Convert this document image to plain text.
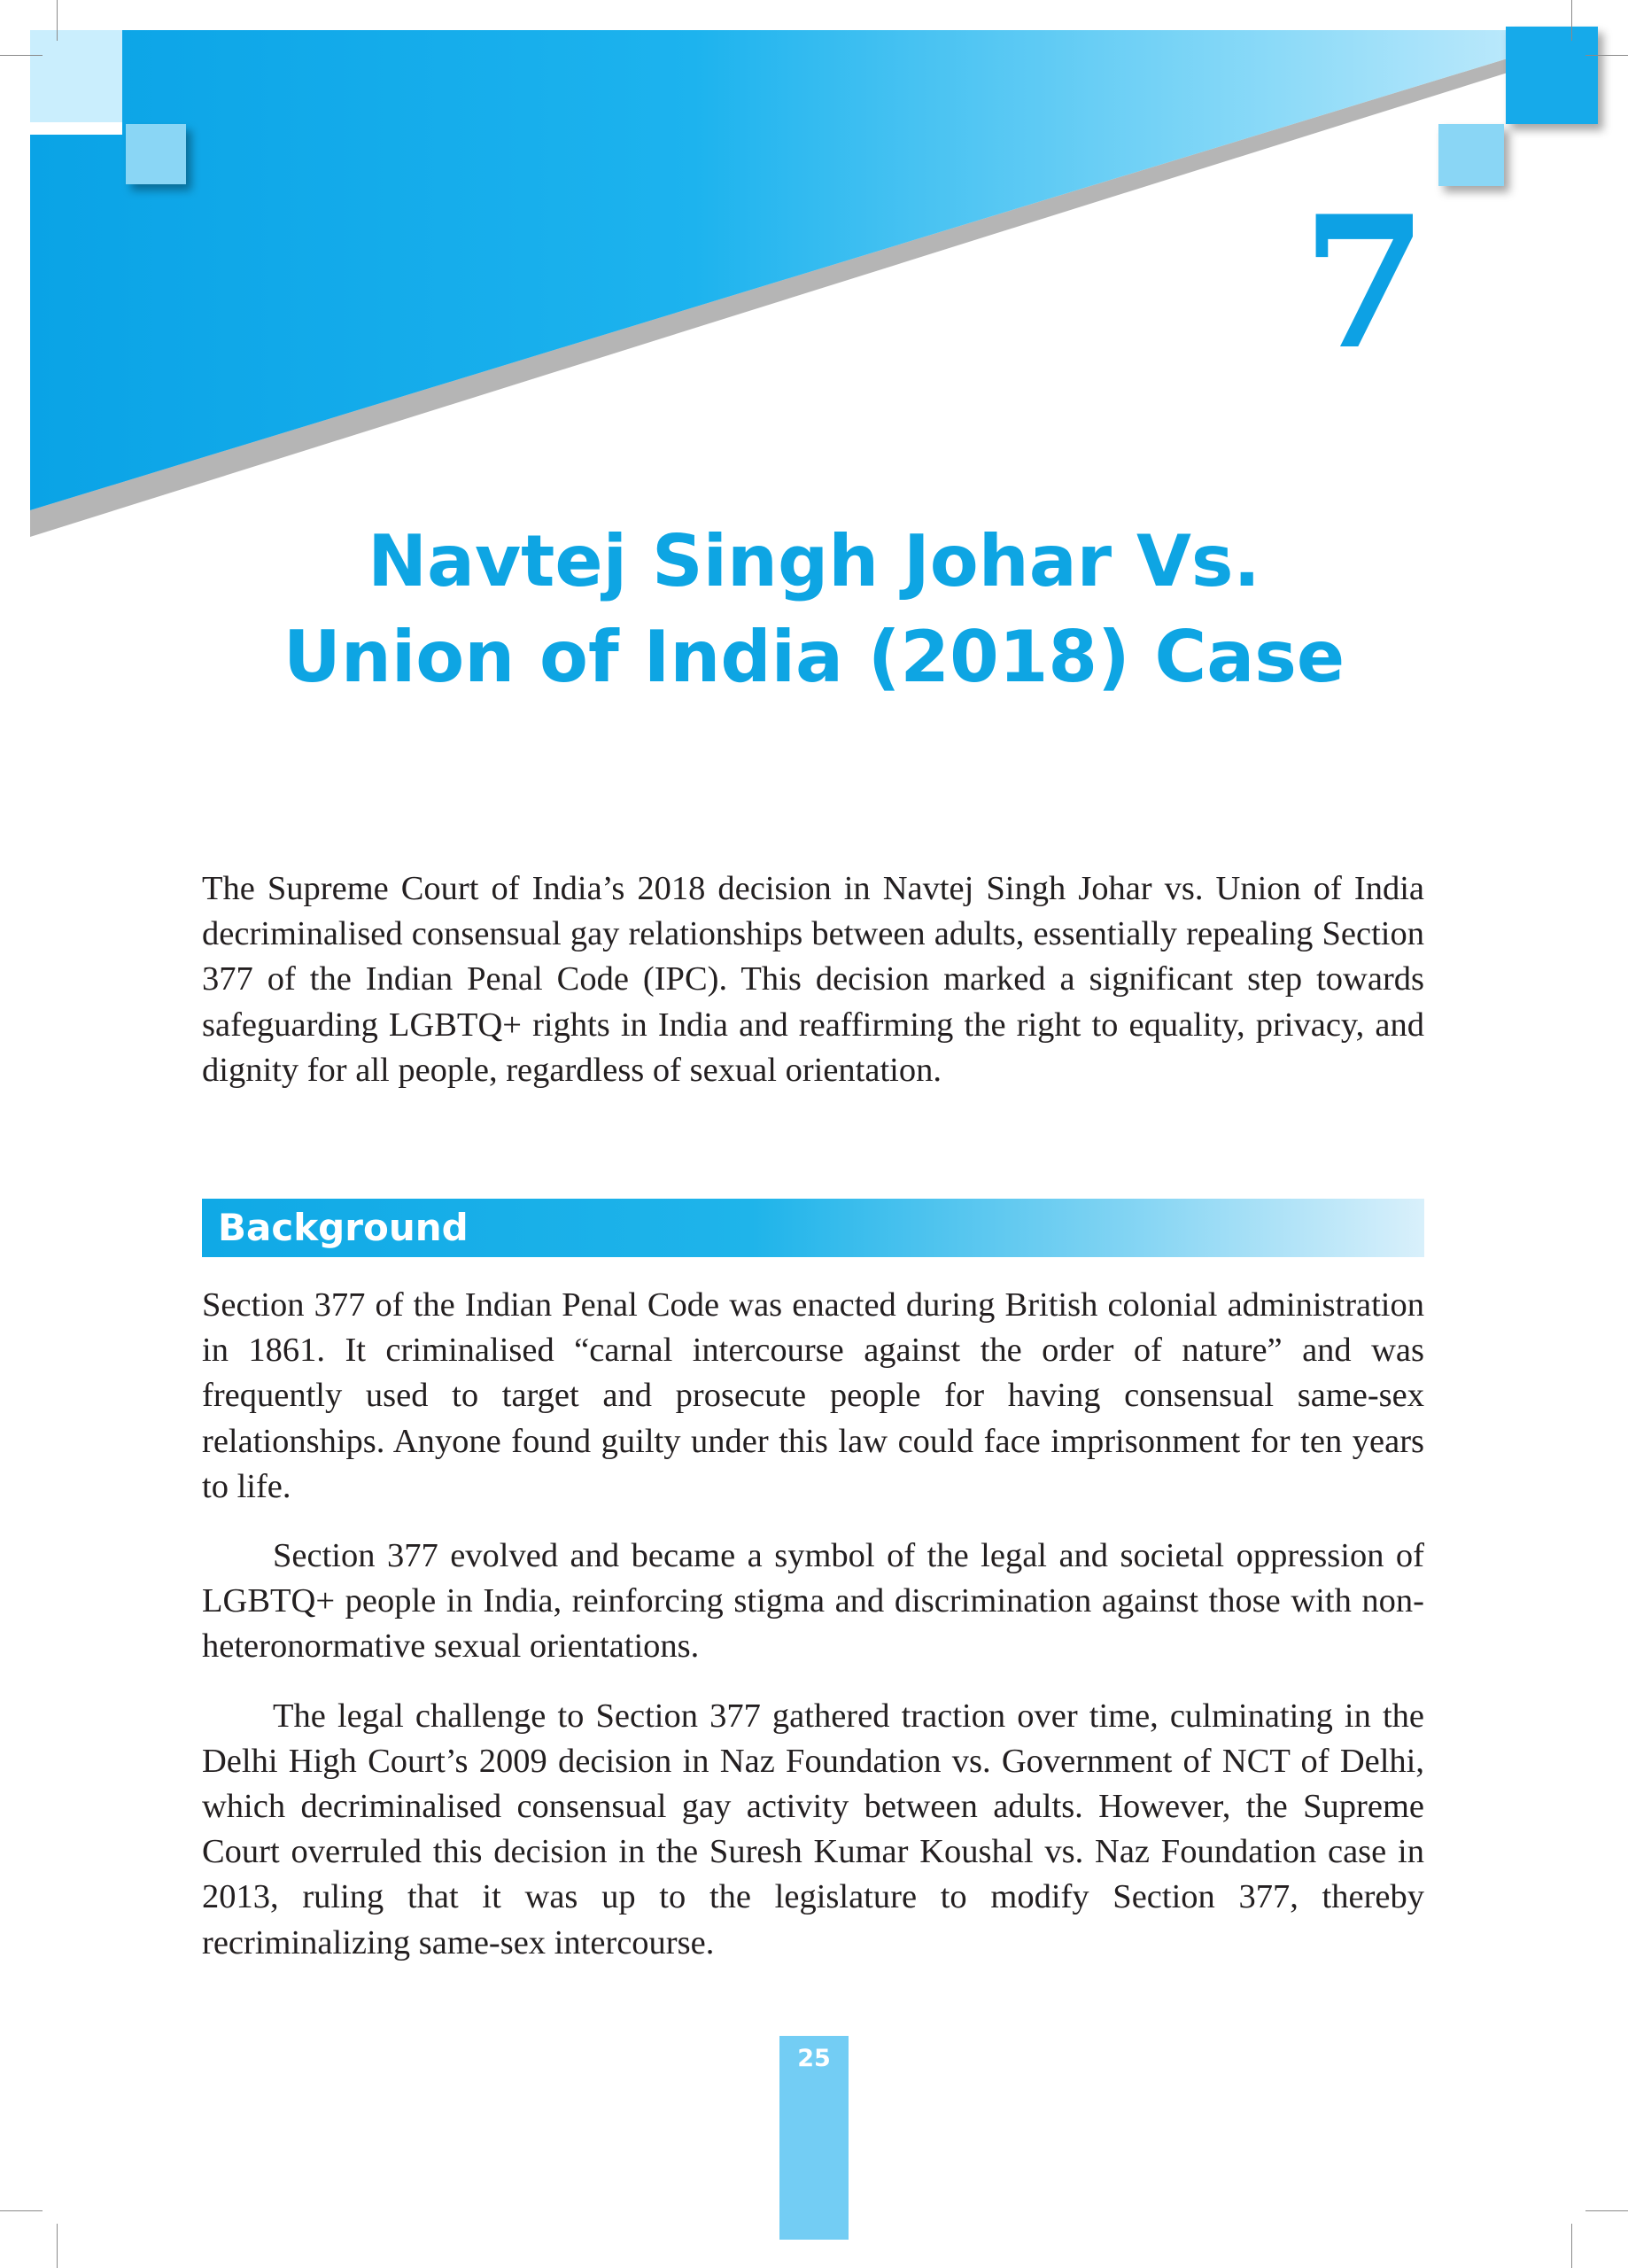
7
Navtej Singh Johar Vs.
Union of India (2018) Case

The Supreme Court of India’s 2018 decision in Navtej Singh Johar vs. Union of India decriminalised consensual gay relationships between adults, essentially repealing Section 377 of the Indian Penal Code (IPC). This decision marked a significant step towards safeguarding LGBTQ+ rights in India and reaffirming the right to equality, privacy, and dignity for all people, regardless of sexual orientation.

Background

Section 377 of the Indian Penal Code was enacted during British colonial administration in 1861. It criminalised “carnal intercourse against the order of nature” and was frequently used to target and prosecute people for having consensual same-sex relationships. Anyone found guilty under this law could face imprisonment for ten years to life.

Section 377 evolved and became a symbol of the legal and societal oppression of LGBTQ+ people in India, reinforcing stigma and discrimination against those with non-heteronormative sexual orientations.

The legal challenge to Section 377 gathered traction over time, culminating in the Delhi High Court’s 2009 decision in Naz Foundation vs. Government of NCT of Delhi, which decriminalised consensual gay activity between adults. However, the Supreme Court overruled this decision in the Suresh Kumar Koushal vs. Naz Foundation case in 2013, ruling that it was up to the legislature to modify Section 377, thereby recriminalizing same-sex intercourse.

25
